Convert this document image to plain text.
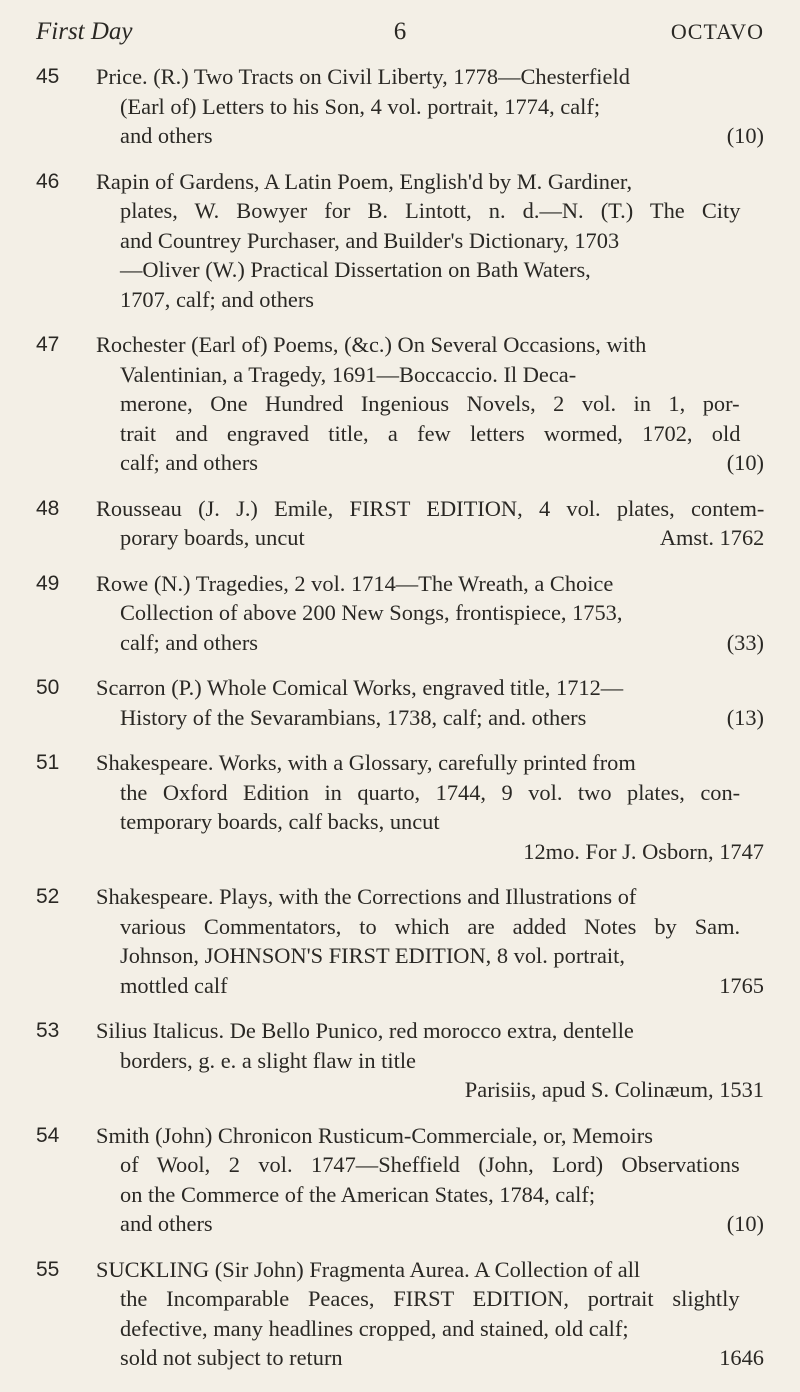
First Day	6	OCTAVO
45	Price. (R.) Two Tracts on Civil Liberty, 1778—Chesterfield
(Earl of) Letters to his Son, 4 vol. portrait, 1774, calf;
and others	(10)
46	Rapin of Gardens, A Latin Poem, English'd by M. Gardiner,
plates, W. Bowyer for B. Lintott, n. d.—N. (T.) The City
and Countrey Purchaser, and Builder's Dictionary, 1703
—Oliver (W.) Practical Dissertation on Bath Waters,
1707, calf; and others
47	Rochester (Earl of) Poems, (&c.) On Several Occasions, with
Valentinian, a Tragedy, 1691—Boccaccio. Il Deca-
merone, One Hundred Ingenious Novels, 2 vol. in 1, por-
trait and engraved title, a few letters wormed, 1702, old
calf; and others	(10)
48	Rousseau (J. J.) Emile, FIRST EDITION, 4 vol. plates, contem-
porary boards, uncut	Amst. 1762
49	Rowe (N.) Tragedies, 2 vol. 1714—The Wreath, a Choice
Collection of above 200 New Songs, frontispiece, 1753,
calf; and others	(33)
50	Scarron (P.) Whole Comical Works, engraved title, 1712—
History of the Sevarambians, 1738, calf; and. others	(13)
51	Shakespeare. Works, with a Glossary, carefully printed from
the Oxford Edition in quarto, 1744, 9 vol. two plates, con-
temporary boards, calf backs, uncut
12mo. For J. Osborn, 1747
52	Shakespeare. Plays, with the Corrections and Illustrations of
various Commentators, to which are added Notes by Sam.
Johnson, JOHNSON'S FIRST EDITION, 8 vol. portrait,
mottled calf	1765
53	Silius Italicus. De Bello Punico, red morocco extra, dentelle
borders, g. e. a slight flaw in title
Parisiis, apud S. Colinæum, 1531
54	Smith (John) Chronicon Rusticum-Commerciale, or, Memoirs
of Wool, 2 vol. 1747—Sheffield (John, Lord) Observations
on the Commerce of the American States, 1784, calf;
and others	(10)
55	SUCKLING (Sir John) Fragmenta Aurea. A Collection of all
the Incomparable Peaces, FIRST EDITION, portrait slightly
defective, many headlines cropped, and stained, old calf;
sold not subject to return	1646
